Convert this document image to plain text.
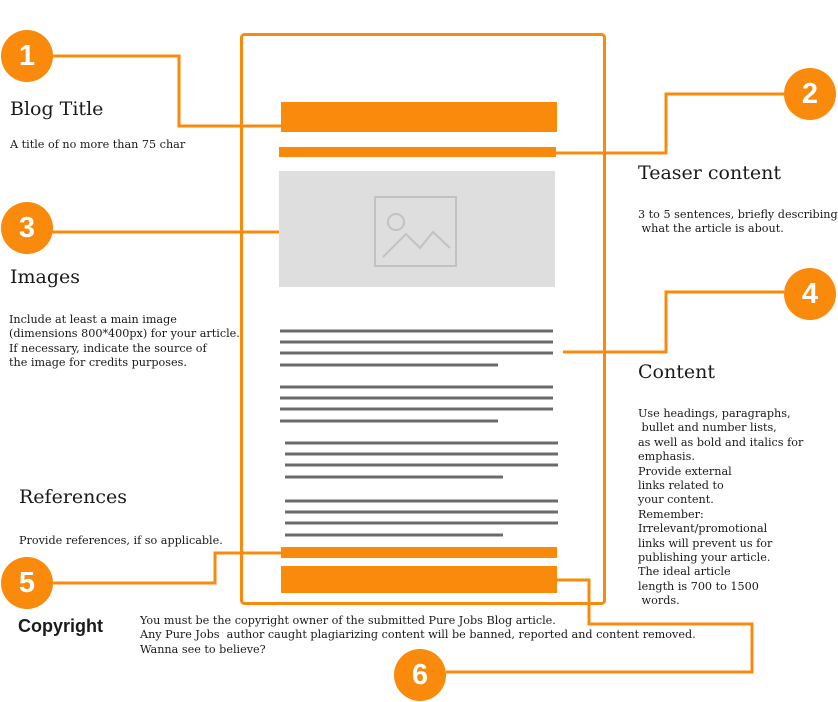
1
2
3
4
5
6
Blog Title
Teaser content
Images
Content
References
Copyright
A title of no more than 75 char
3 to 5 sentences, briefly describing
what the article is about.
Include at least a main image
(dimensions 800*400px) for your article.
If necessary, indicate the source of
the image for credits purposes.
Use headings, paragraphs,
bullet and number lists,
as well as bold and italics for
emphasis.
Provide external
links related to
your content.
Remember:
Irrelevant/promotional
links will prevent us for
publishing your article.
The ideal article
length is 700 to 1500
words.
Provide references, if so applicable.
You must be the copyright owner of the submitted Pure Jobs Blog article.
Any Pure Jobs  author caught plagiarizing content will be banned, reported and content removed.
Wanna see to believe?
